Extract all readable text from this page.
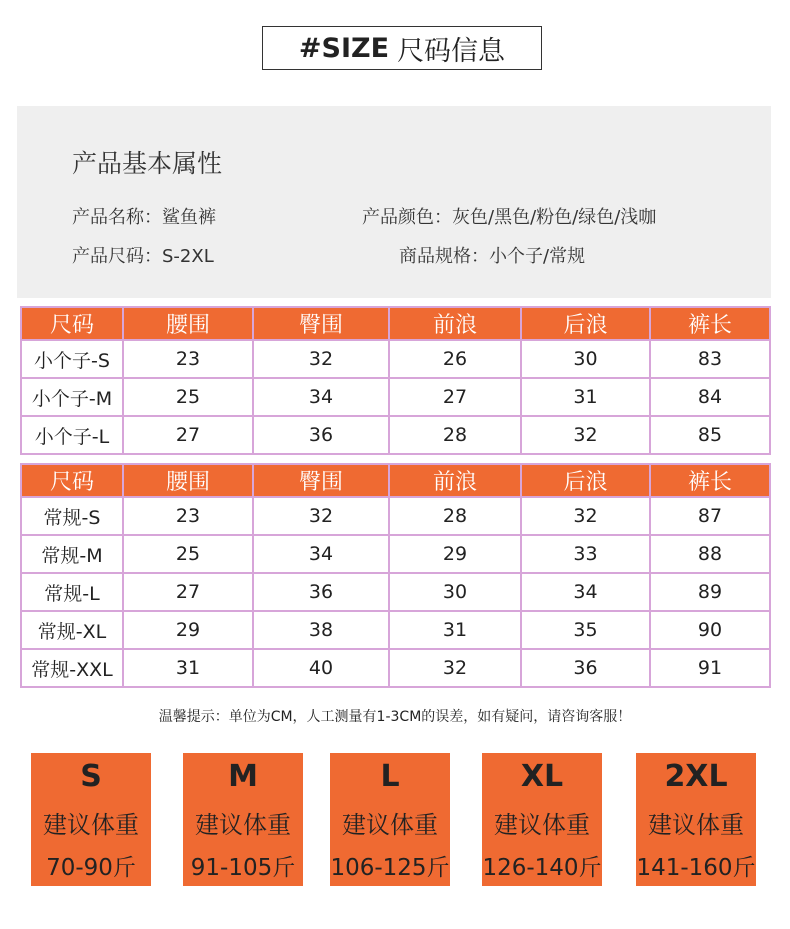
#SIZE 尺码信息
产品基本属性
产品名称：鲨鱼裤	产品颜色：灰色/黑色/粉色/绿色/浅咖
产品尺码：S-2XL	商品规格：小个子/常规
尺码	腰围	臀围	前浪	后浪	裤长
小个子-S	23	32	26	30	83
小个子-M	25	34	27	31	84
小个子-L	27	36	28	32	85
尺码	腰围	臀围	前浪	后浪	裤长
常规-S	23	32	28	32	87
常规-M	25	34	29	33	88
常规-L	27	36	30	34	89
常规-XL	29	38	31	35	90
常规-XXL	31	40	32	36	91
温馨提示：单位为CM，人工测量有1-3CM的误差，如有疑问，请咨询客服！
S
建议体重
70-90斤
M
建议体重
91-105斤
L
建议体重
106-125斤
XL
建议体重
126-140斤
2XL
建议体重
141-160斤
